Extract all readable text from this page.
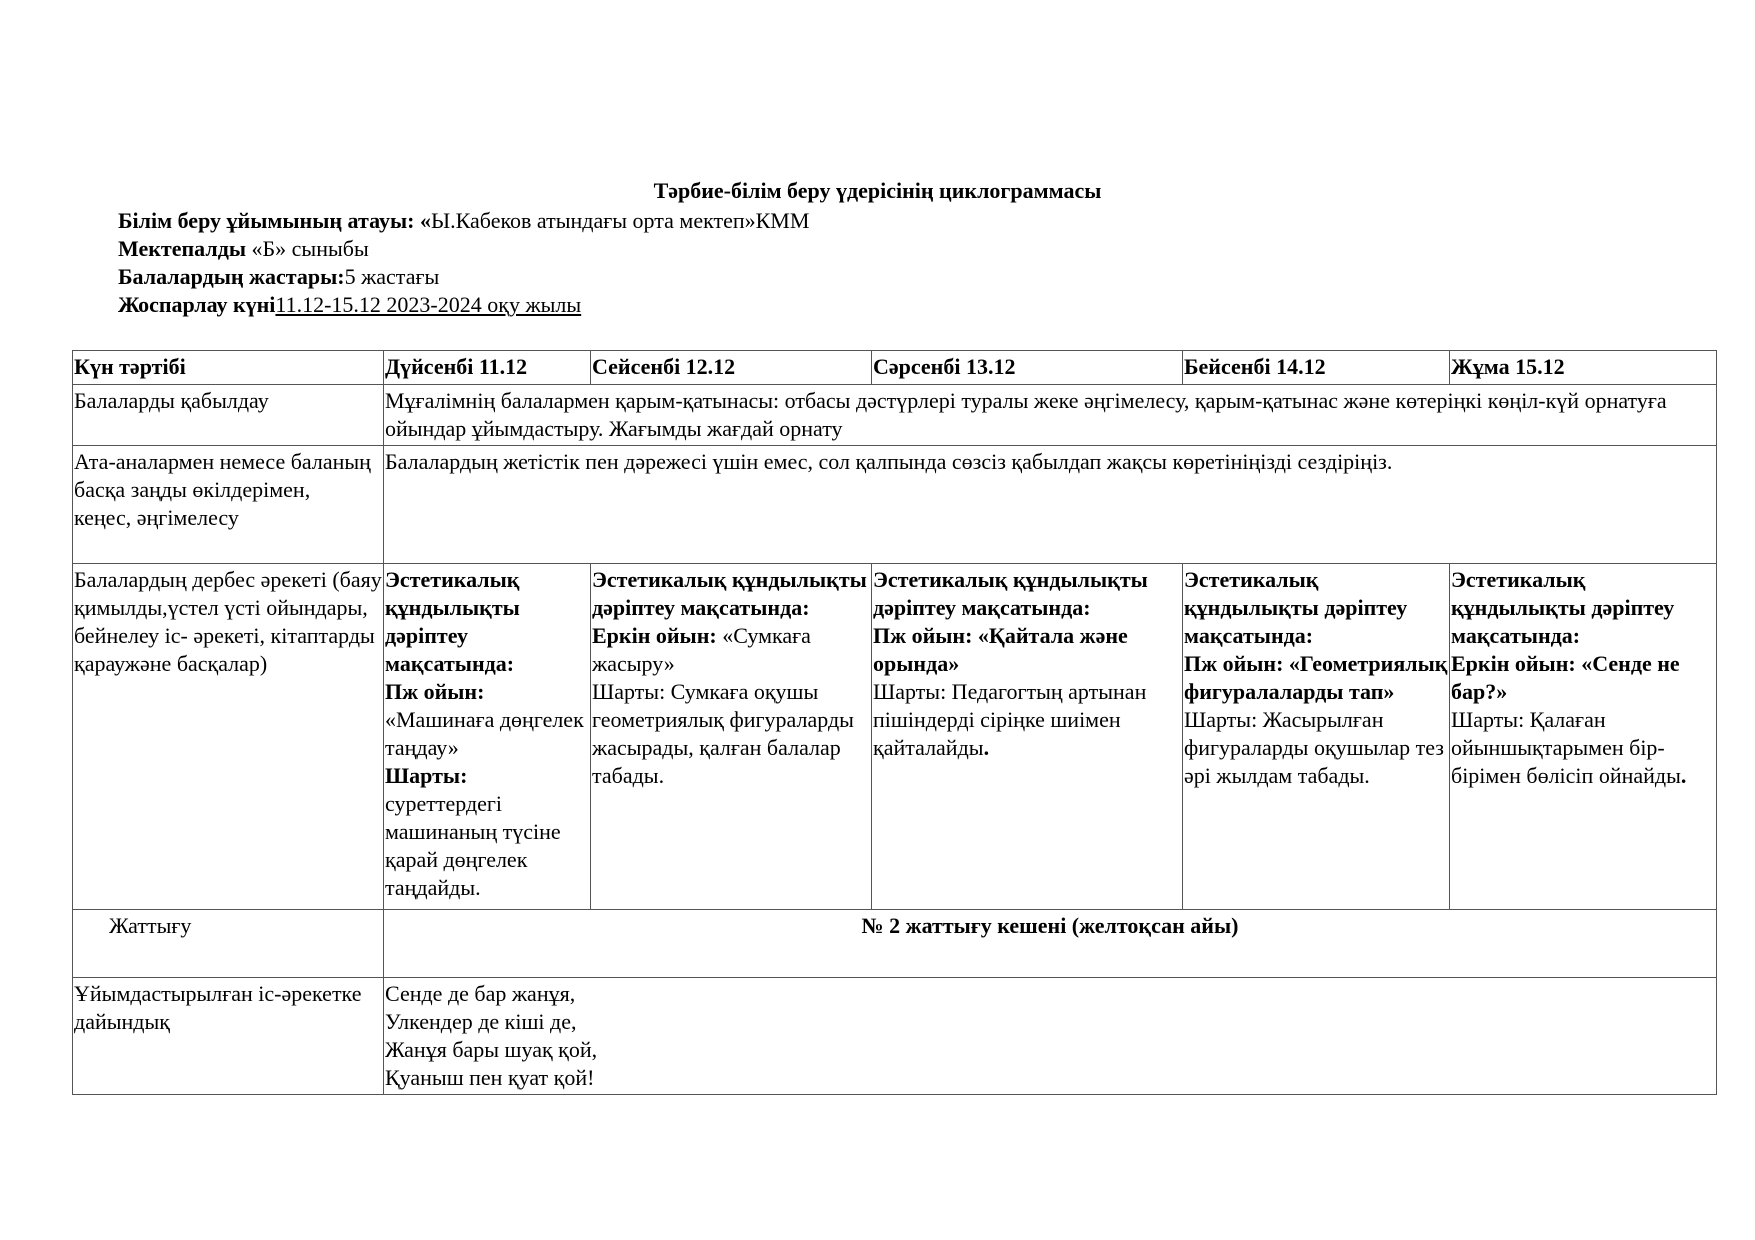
Тәрбие-білім беру үдерісінің циклограммасы
Білім беру ұйымының атауы: «Ы.Кабеков атындағы орта мектеп»КММ
Мектепалды «Б» сыныбы
Балалардың жастары:5 жастағы
Жоспарлау күні11.12-15.12 2023-2024 оқу жылы
Күн тәртібі	Дүйсенбі 11.12	Сейсенбі 12.12	Сәрсенбі 13.12	Бейсенбі 14.12	Жұма 15.12
Балаларды қабылдау	Мұғалімнің балалармен қарым-қатынасы: отбасы дәстүрлері туралы жеке әңгімелесу, қарым-қатынас және көтеріңкі көңіл-күй орнатуға ойындар ұйымдастыру. Жағымды жағдай орнату				
Ата-аналармен немесе баланың басқа заңды өкілдерімен,
кеңес, әңгімелесу	Балалардың жетістік пен дәрежесі үшін емес, сол қалпында сөзсіз қабылдап жақсы көретініңізді сездіріңіз.				
Балалардың дербес әрекеті (баяу қимылды,үстел үсті ойындары,
бейнелеу іс- әрекеті, кітаптарды қараужәне басқалар)	Эстетикалық құндылықты дәріптеу мақсатында:
Пж ойын:
«Машинаға дөңгелек таңдау»
Шарты:
суреттердегі машинаның түсіне қарай дөңгелек таңдайды.	Эстетикалық құндылықты дәріптеу мақсатында:
Еркін ойын: «Сумкаға жасыру»
Шарты: Сумкаға оқушы геометриялық фигураларды жасырады, қалған балалар табады.	Эстетикалық құндылықты дәріптеу мақсатында:
Пж ойын: «Қайтала және орында»
Шарты: Педагогтың артынан пішіндерді сіріңке шиімен қайталайды.	Эстетикалық құндылықты дәріптеу мақсатында:
Пж ойын: «Геометриялық фигуралаларды тап»
Шарты: Жасырылған фигураларды оқушылар тез әрі жылдам табады.	Эстетикалық құндылықты дәріптеу мақсатында:
Еркін ойын: «Сенде не бар?»
Шарты: Қалаған ойыншықтарымен бір-бірімен бөлісіп ойнайды.
Жаттығу	№ 2 жаттығу кешені (желтоқсан айы)				
Ұйымдастырылған іс-әрекетке дайындық	Сенде де бар жанұя,
Улкендер де кіші де,
Жанұя бары шуақ қой,
Қуаныш пен қуат қой!				
